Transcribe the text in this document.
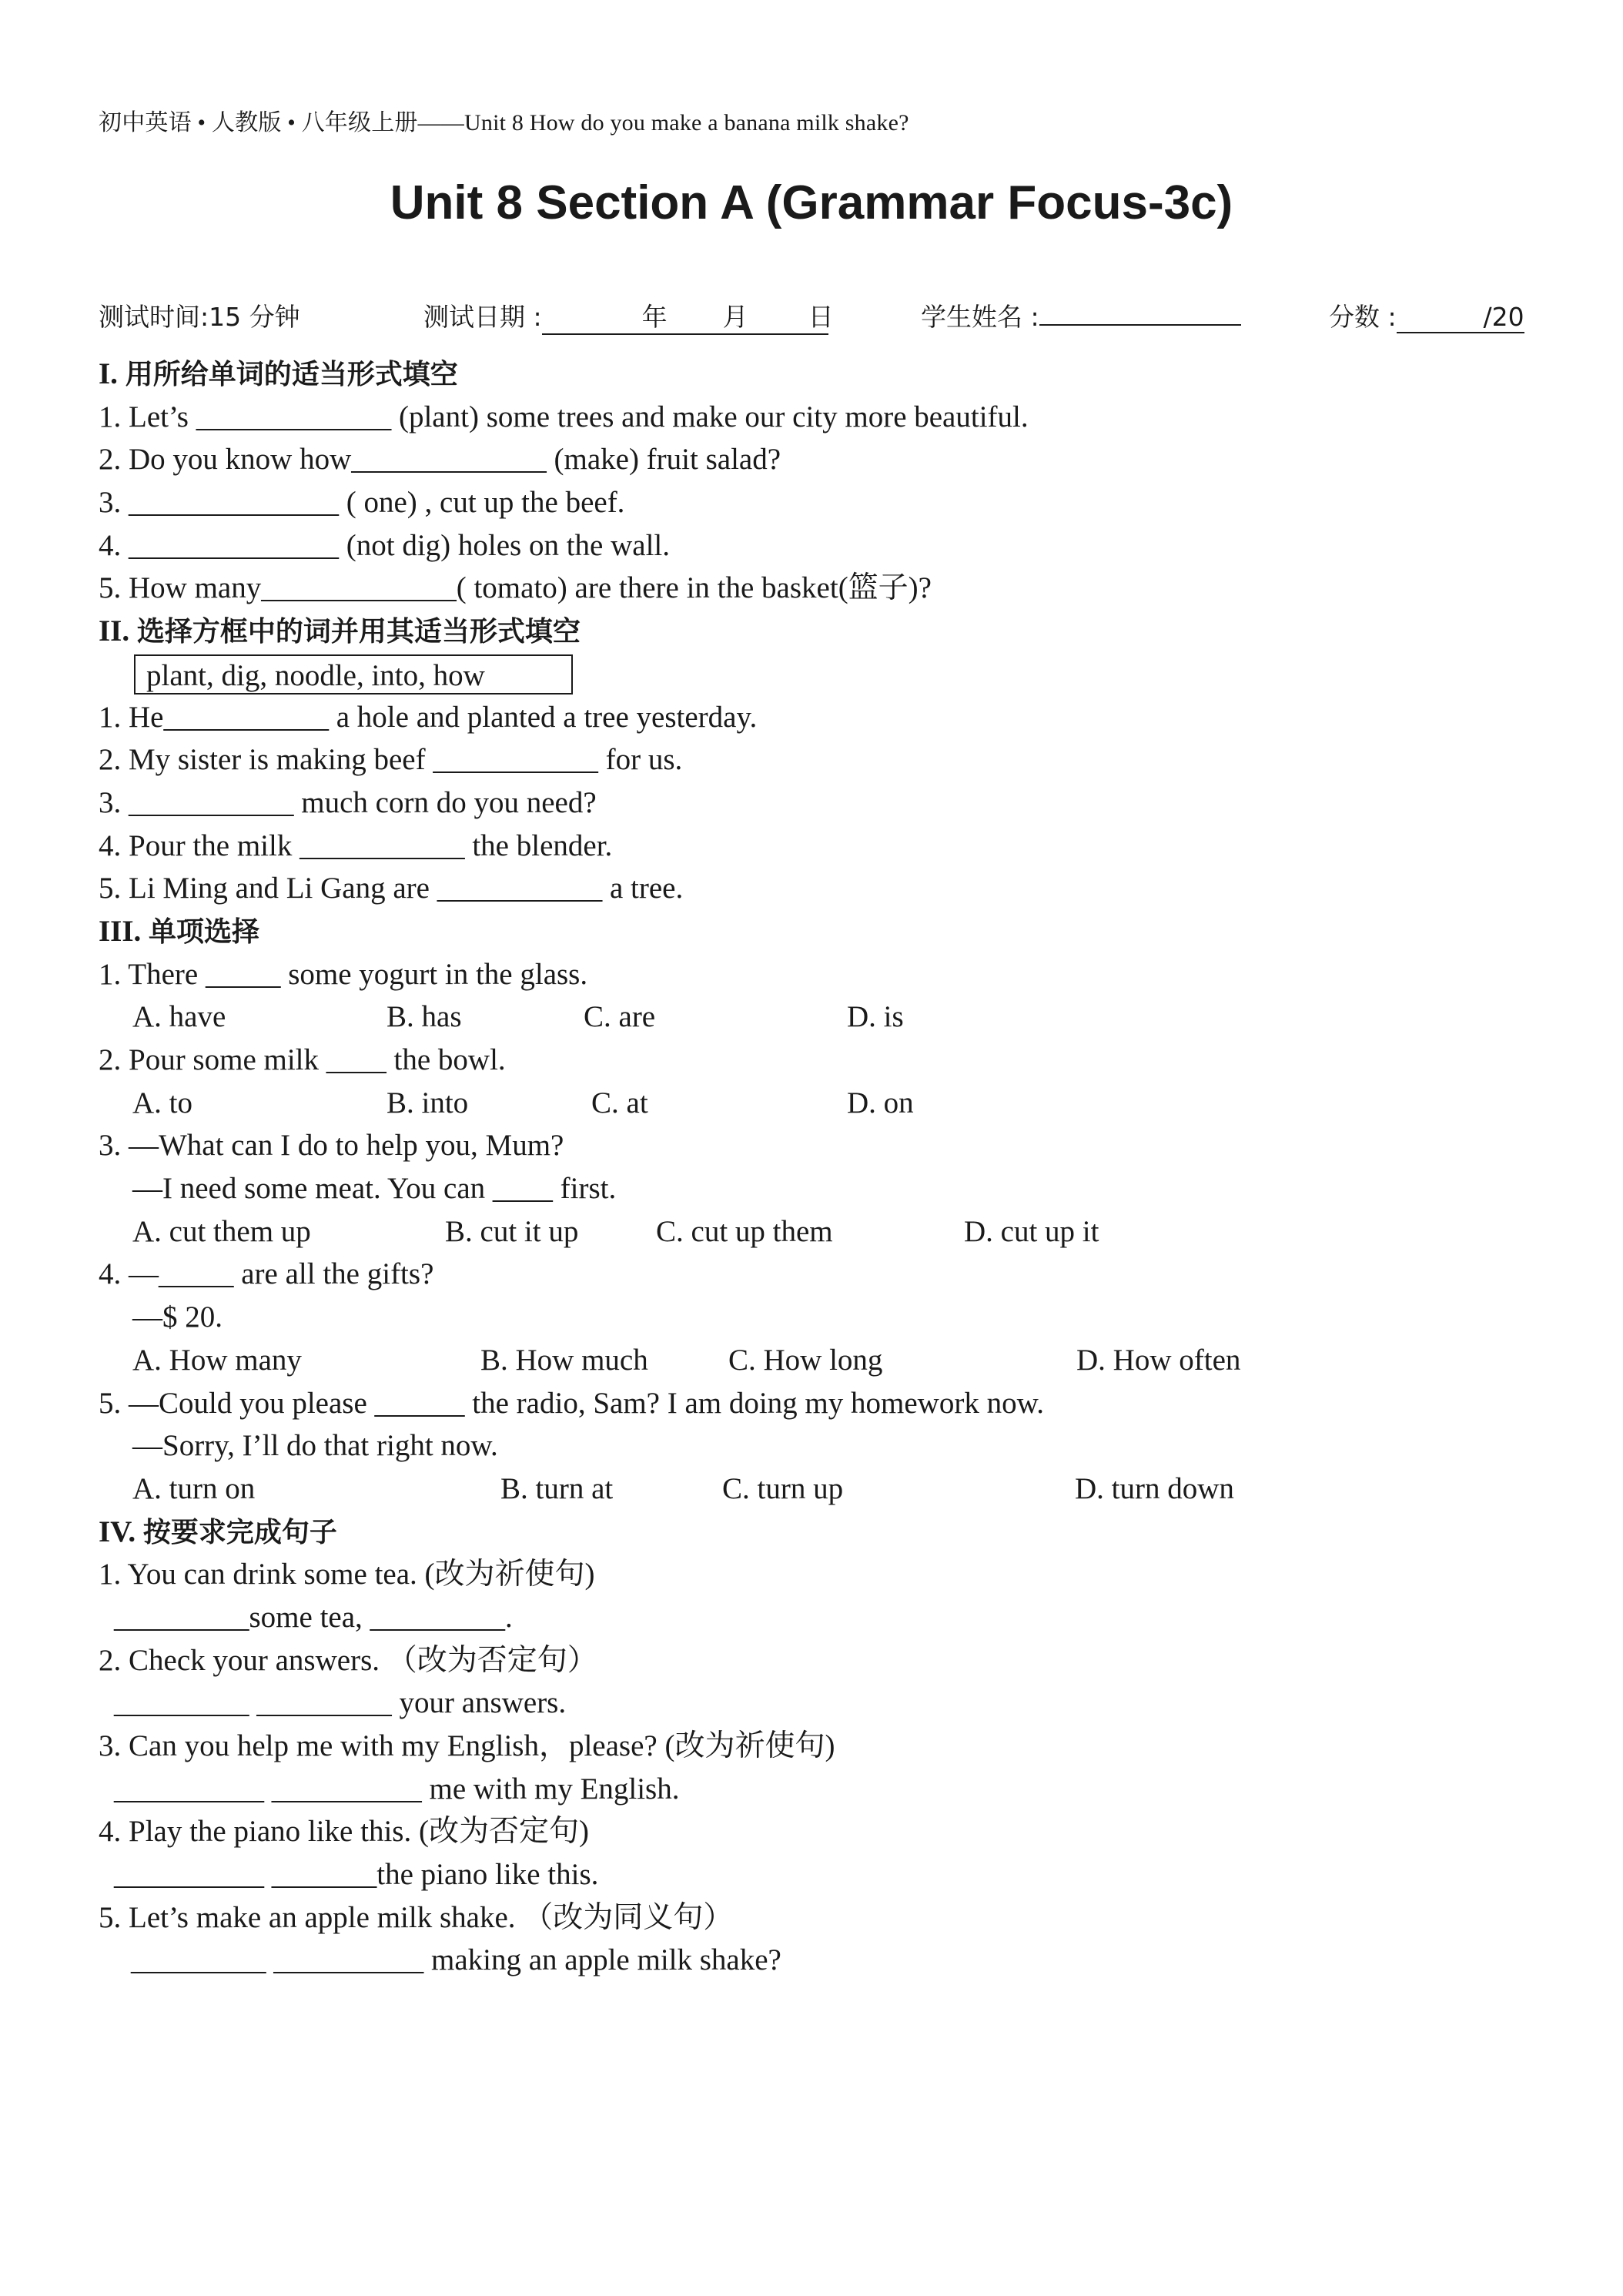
初中英语 • 人教版 • 八年级上册——Unit 8 How do you make a banana milk shake?
Unit 8 Section A (Grammar Focus-3c)
测试时间:15 分钟	测试日期 :	年 月 日	学生姓名 :	分数 :	/20
I. 用所给单词的适当形式填空
1. Let’s _____________ (plant) some trees and make our city more beautiful.
2. Do you know how_____________ (make) fruit salad?
3. ______________ ( one) , cut up the beef.
4. ______________ (not dig) holes on the wall.
5. How many_____________( tomato) are there in the basket(篮子)?
II. 选择方框中的词并用其适当形式填空
plant, dig, noodle, into, how
1. He___________ a hole and planted a tree yesterday.
2. My sister is making beef ___________ for us.
3. ___________ much corn do you need?
4. Pour the milk ___________ the blender.
5. Li Ming and Li Gang are ___________ a tree.
III. 单项选择
1. There _____ some yogurt in the glass.
A. have	B. has	C. are	D. is
2. Pour some milk ____ the bowl.
A. to	B. into	C. at	D. on
3. —What can I do to help you, Mum?
—I need some meat. You can ____ first.
A. cut them up	B. cut it up	C. cut up them	D. cut up it
4. —_____ are all the gifts?
—$ 20.
A. How many	B. How much	C. How long	D. How often
5. —Could you please ______ the radio, Sam? I am doing my homework now.
—Sorry, I’ll do that right now.
A. turn on	B. turn at	C. turn up	D. turn down
IV. 按要求完成句子
1. You can drink some tea. (改为祈使句)
_________some tea, _________.
2. Check your answers. （改为否定句）
_________ _________ your answers.
3. Can you help me with my English，please? (改为祈使句)
__________ __________ me with my English.
4. Play the piano like this. (改为否定句)
__________ _______the piano like this.
5. Let’s make an apple milk shake. （改为同义句）
_________ __________ making an apple milk shake?
